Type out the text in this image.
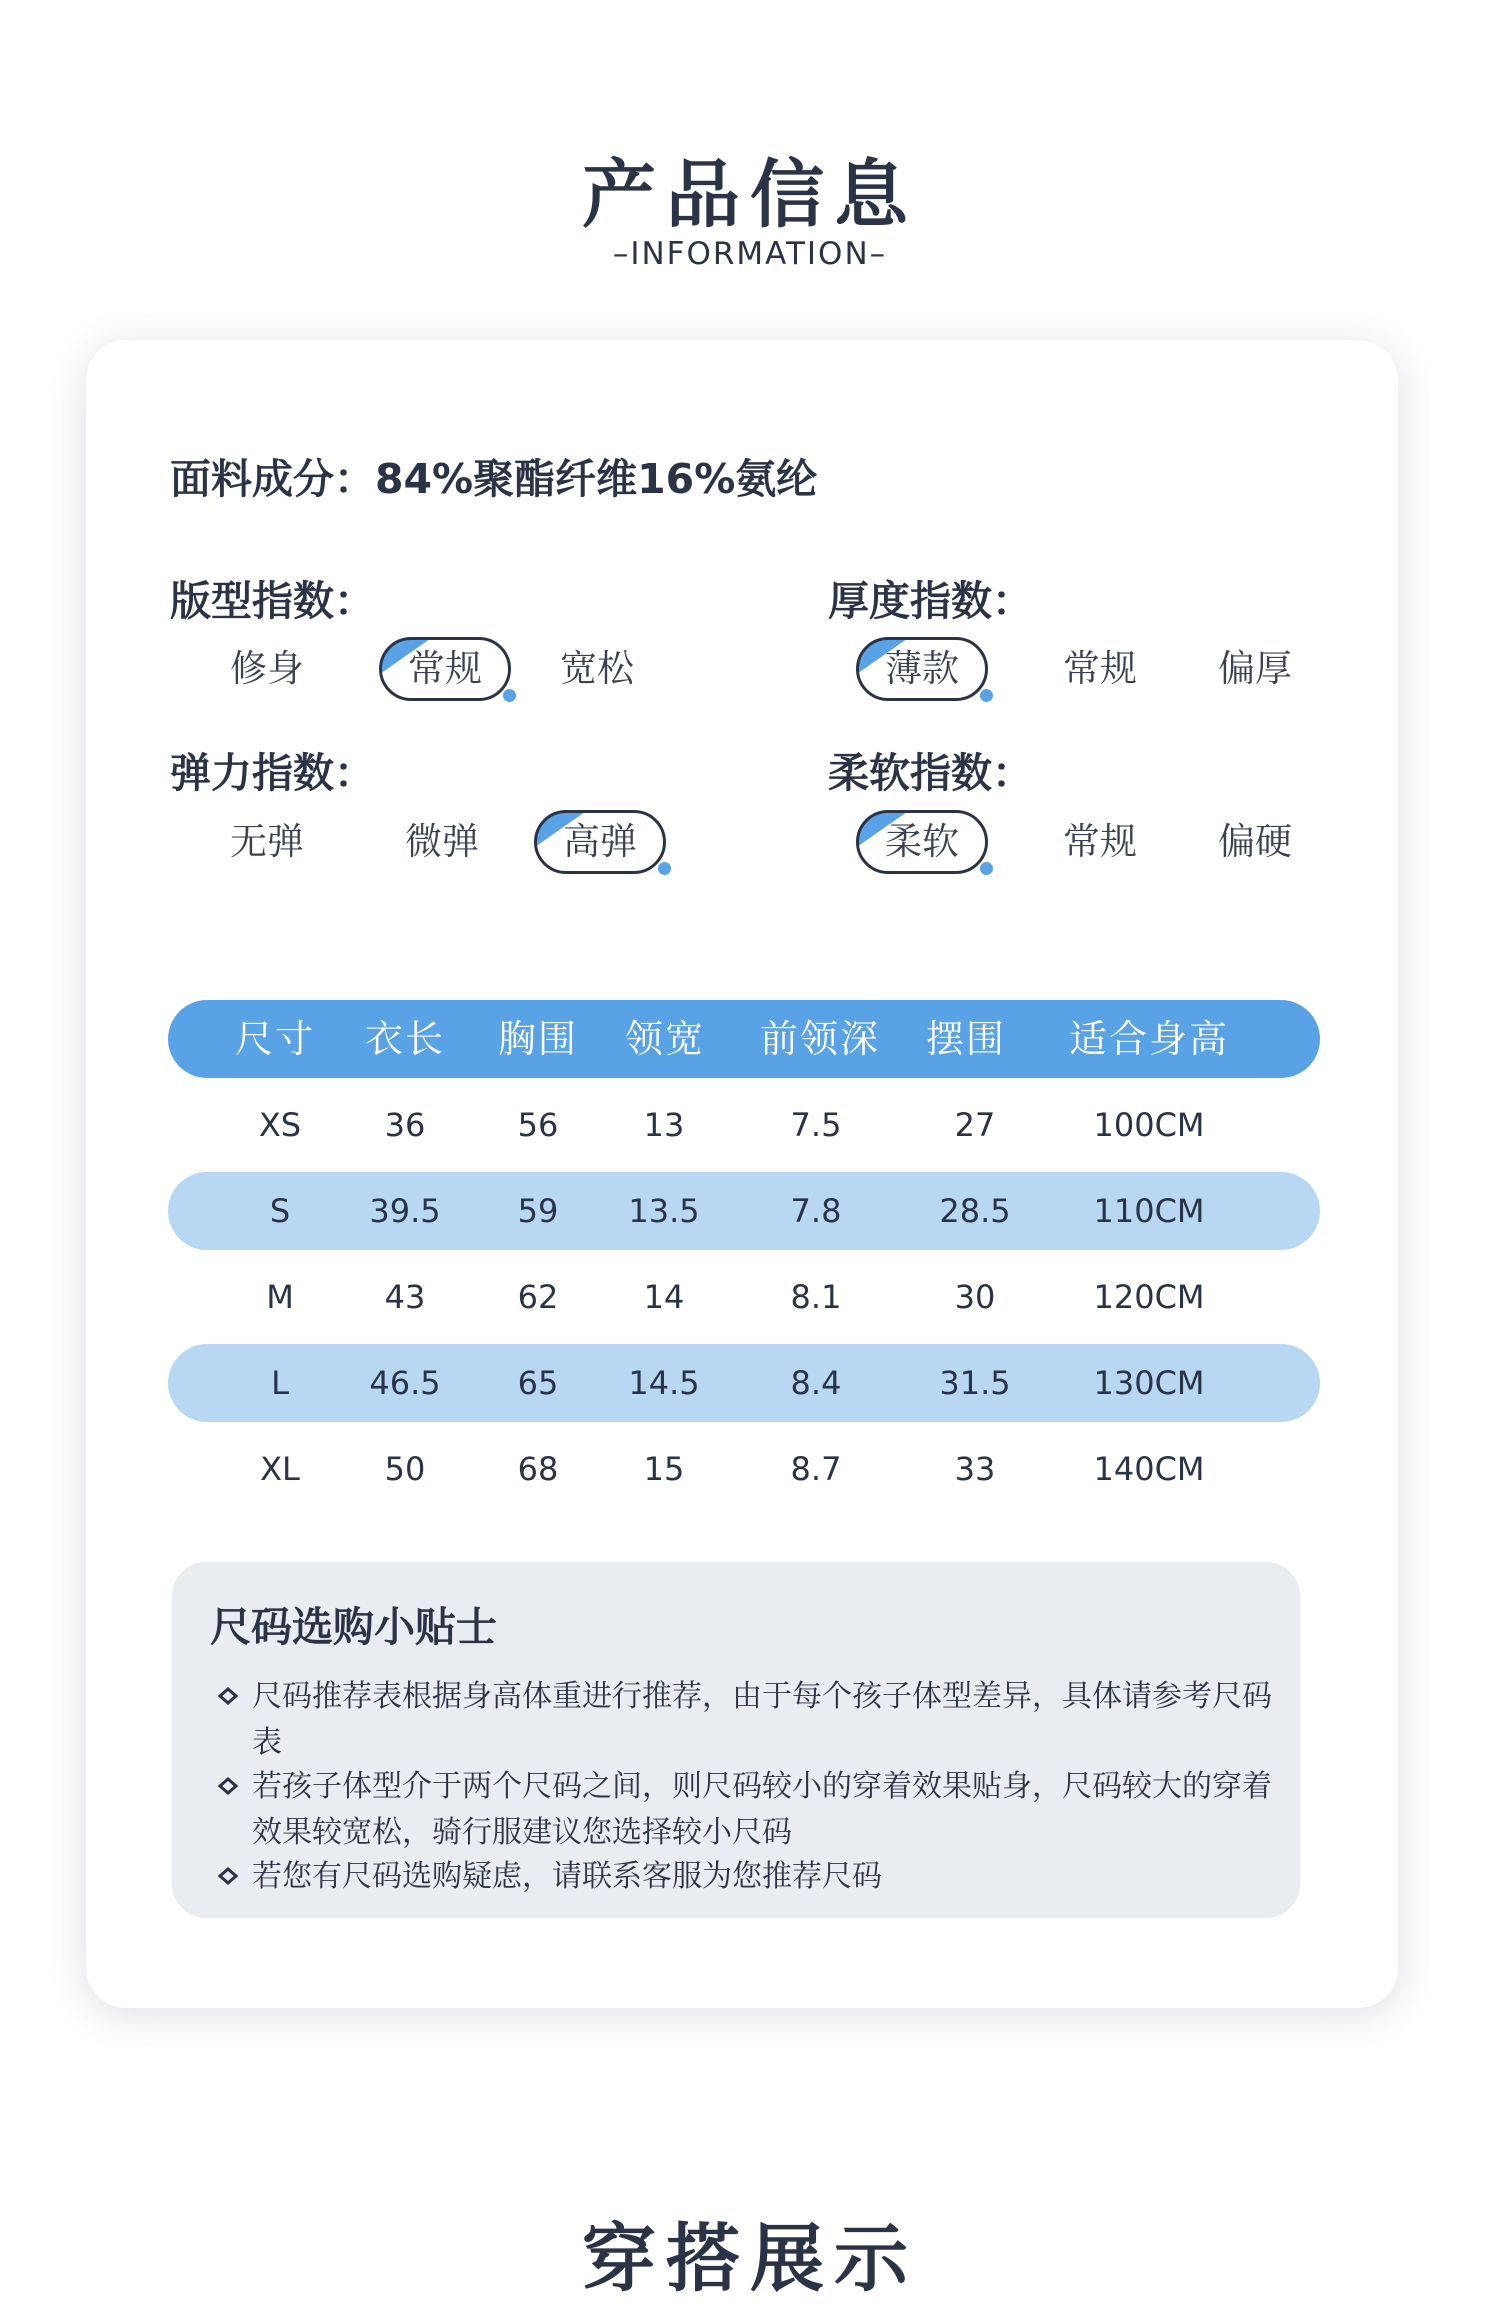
产品信息
–INFORMATION–
面料成分：84%聚酯纤维16%氨纶
版型指数：
修身	常规	宽松
厚度指数：
薄款	常规	偏厚
弹力指数：
无弹	微弹	高弹
柔软指数：
柔软	常规	偏硬
尺寸	衣长	胸围	领宽	前领深	摆围	适合身高
XS	36	56	13	7.5	27	100CM
S	39.5	59	13.5	7.8	28.5	110CM
M	43	62	14	8.1	30	120CM
L	46.5	65	14.5	8.4	31.5	130CM
XL	50	68	15	8.7	33	140CM
尺码选购小贴士
尺码推荐表根据身高体重进行推荐，由于每个孩子体型差异，具体请参考尺码表
若孩子体型介于两个尺码之间，则尺码较小的穿着效果贴身，尺码较大的穿着效果较宽松，骑行服建议您选择较小尺码
若您有尺码选购疑虑，请联系客服为您推荐尺码
穿搭展示
